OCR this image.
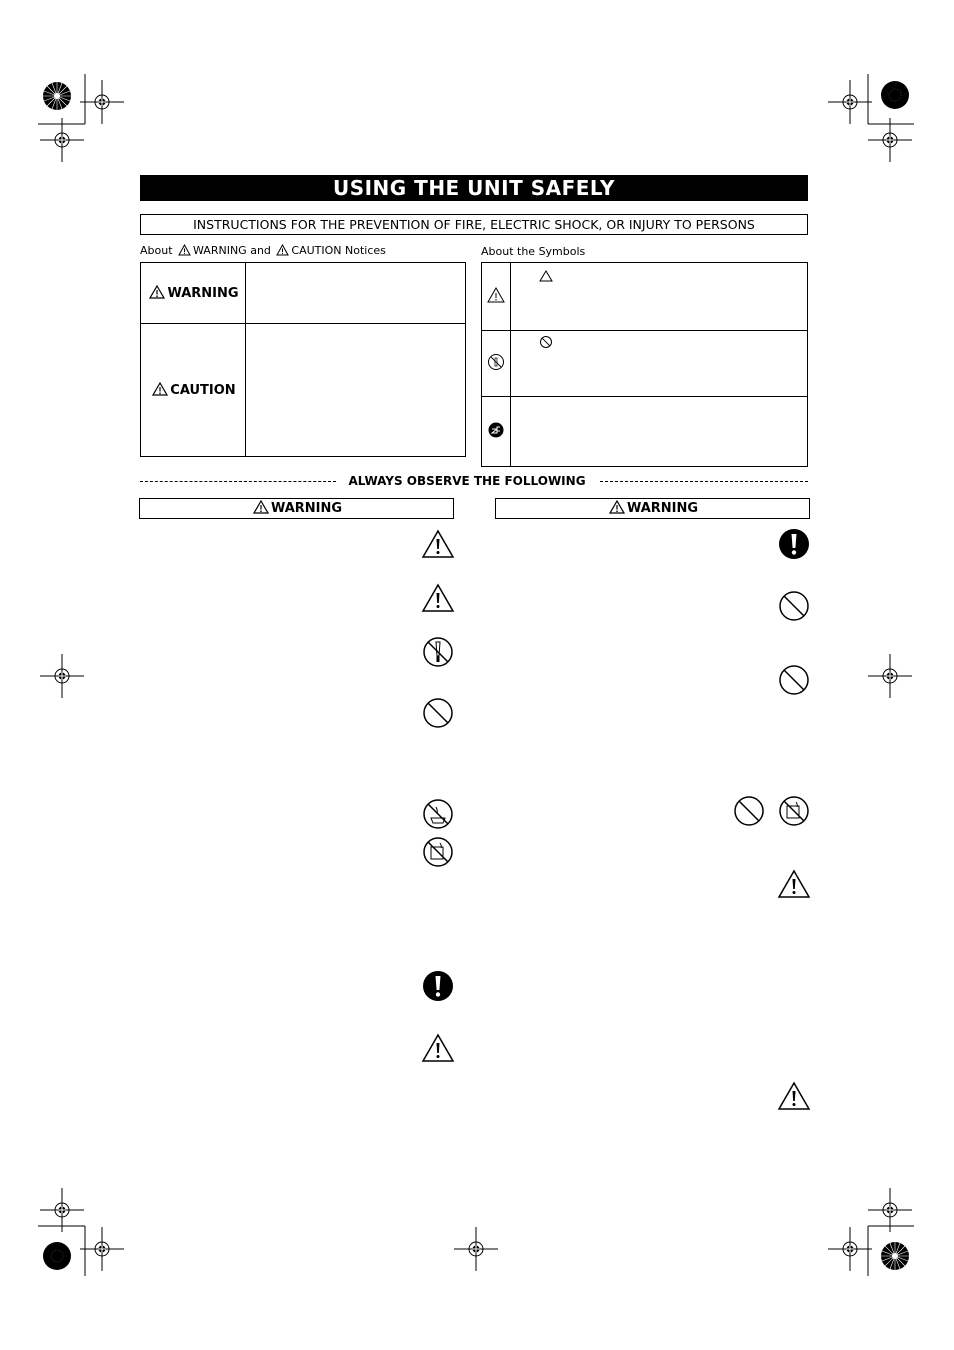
USING THE UNIT SAFELY
INSTRUCTIONS FOR THE PREVENTION OF FIRE, ELECTRIC SHOCK, OR INJURY TO PERSONS
About WARNING and CAUTION Notices
WARNING	
CAUTION	
About the Symbols

ALWAYS OBSERVE THE FOLLOWING
WARNING	WARNING
